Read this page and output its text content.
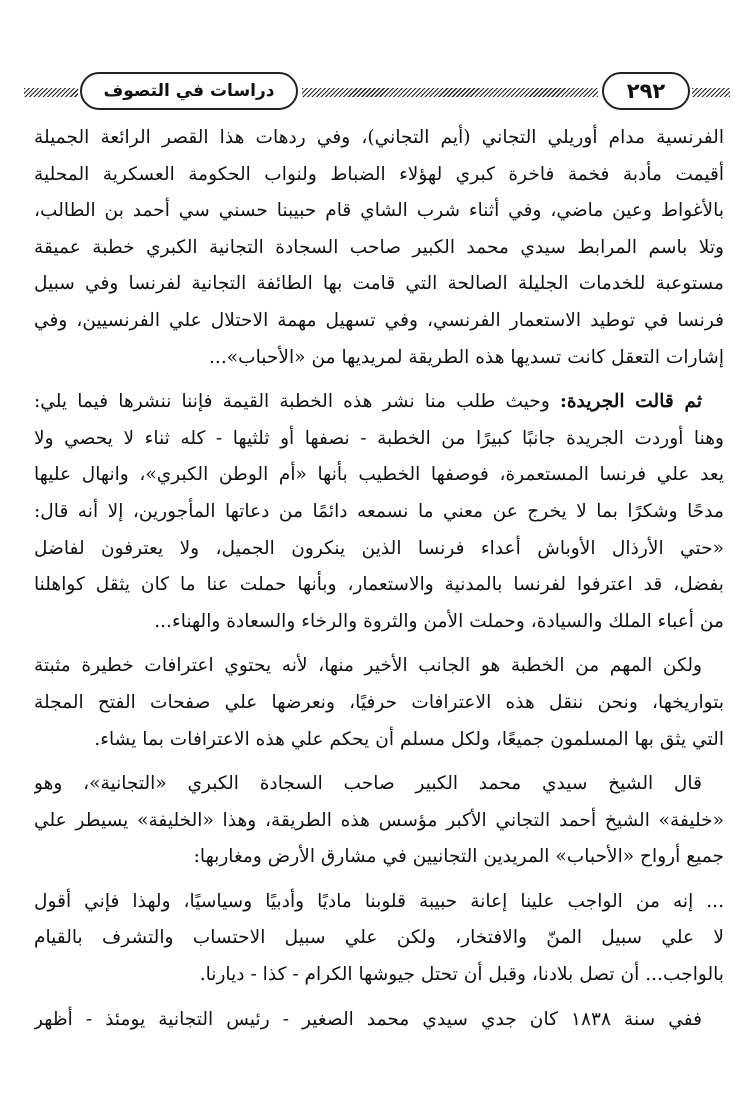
دراسات في التصوف	٢٩٢
الفرنسية مدام أوريلي التجاني (أيم التجاني)، وفي ردهات هذا القصر الرائعة الجميلة
أقيمت مأدبة فخمة فاخرة كبري لهؤلاء الضباط ولنواب الحكومة العسكرية المحلية
بالأغواط وعين ماضي، وفي أثناء شرب الشاي قام حبيبنا حسني سي أحمد بن الطالب،
وتلا باسم المرابط سيدي محمد الكبير صاحب السجادة التجانية الكبري خطبة عميقة
مستوعبة للخدمات الجليلة الصالحة التي قامت بها الطائفة التجانية لفرنسا وفي سبيل
فرنسا في توطيد الاستعمار الفرنسي، وفي تسهيل مهمة الاحتلال علي الفرنسيين، وفي
إشارات التعقل كانت تسديها هذه الطريقة لمريديها من «الأحباب»...
ثم قالت الجريدة: وحيث طلب منا نشر هذه الخطبة القيمة فإننا ننشرها فيما يلي:
وهنا أوردت الجريدة جانبًا كبيرًا من الخطبة - نصفها أو ثلثيها - كله ثناء لا يحصي ولا
يعد علي فرنسا المستعمرة، فوصفها الخطيب بأنها «أم الوطن الكبري»، وانهال عليها
مدحًا وشكرًا بما لا يخرج عن معني ما نسمعه دائمًا من دعاتها المأجورين، إلا أنه قال:
«حتي الأرذال الأوباش أعداء فرنسا الذين ينكرون الجميل، ولا يعترفون لفاضل
بفضل، قد اعترفوا لفرنسا بالمدنية والاستعمار، وبأنها حملت عنا ما كان يثقل كواهلنا
من أعباء الملك والسيادة، وحملت الأمن والثروة والرخاء والسعادة والهناء...
ولكن المهم من الخطبة هو الجانب الأخير منها، لأنه يحتوي اعترافات خطيرة مثبتة
بتواريخها، ونحن ننقل هذه الاعترافات حرفيًا، ونعرضها علي صفحات الفتح المجلة
التي يثق بها المسلمون جميعًا، ولكل مسلم أن يحكم علي هذه الاعترافات بما يشاء.
قال الشيخ سيدي محمد الكبير صاحب السجادة الكبري «التجانية»، وهو
«خليفة» الشيخ أحمد التجاني الأكبر مؤسس هذه الطريقة، وهذا «الخليفة» يسيطر علي
جميع أرواح «الأحباب» المريدين التجانيين في مشارق الأرض ومغاربها:
... إنه من الواجب علينا إعانة حبيبة قلوبنا ماديًا وأدبيًا وسياسيًا، ولهذا فإني أقول
لا علي سبيل المنّ والافتخار، ولكن علي سبيل الاحتساب والتشرف بالقيام
بالواجب... أن تصل بلادنا، وقبل أن تحتل جيوشها الكرام - كذا - ديارنا.
ففي سنة ١٨٣٨ كان جدي سيدي محمد الصغير - رئيس التجانية يومئذ - أظهر
